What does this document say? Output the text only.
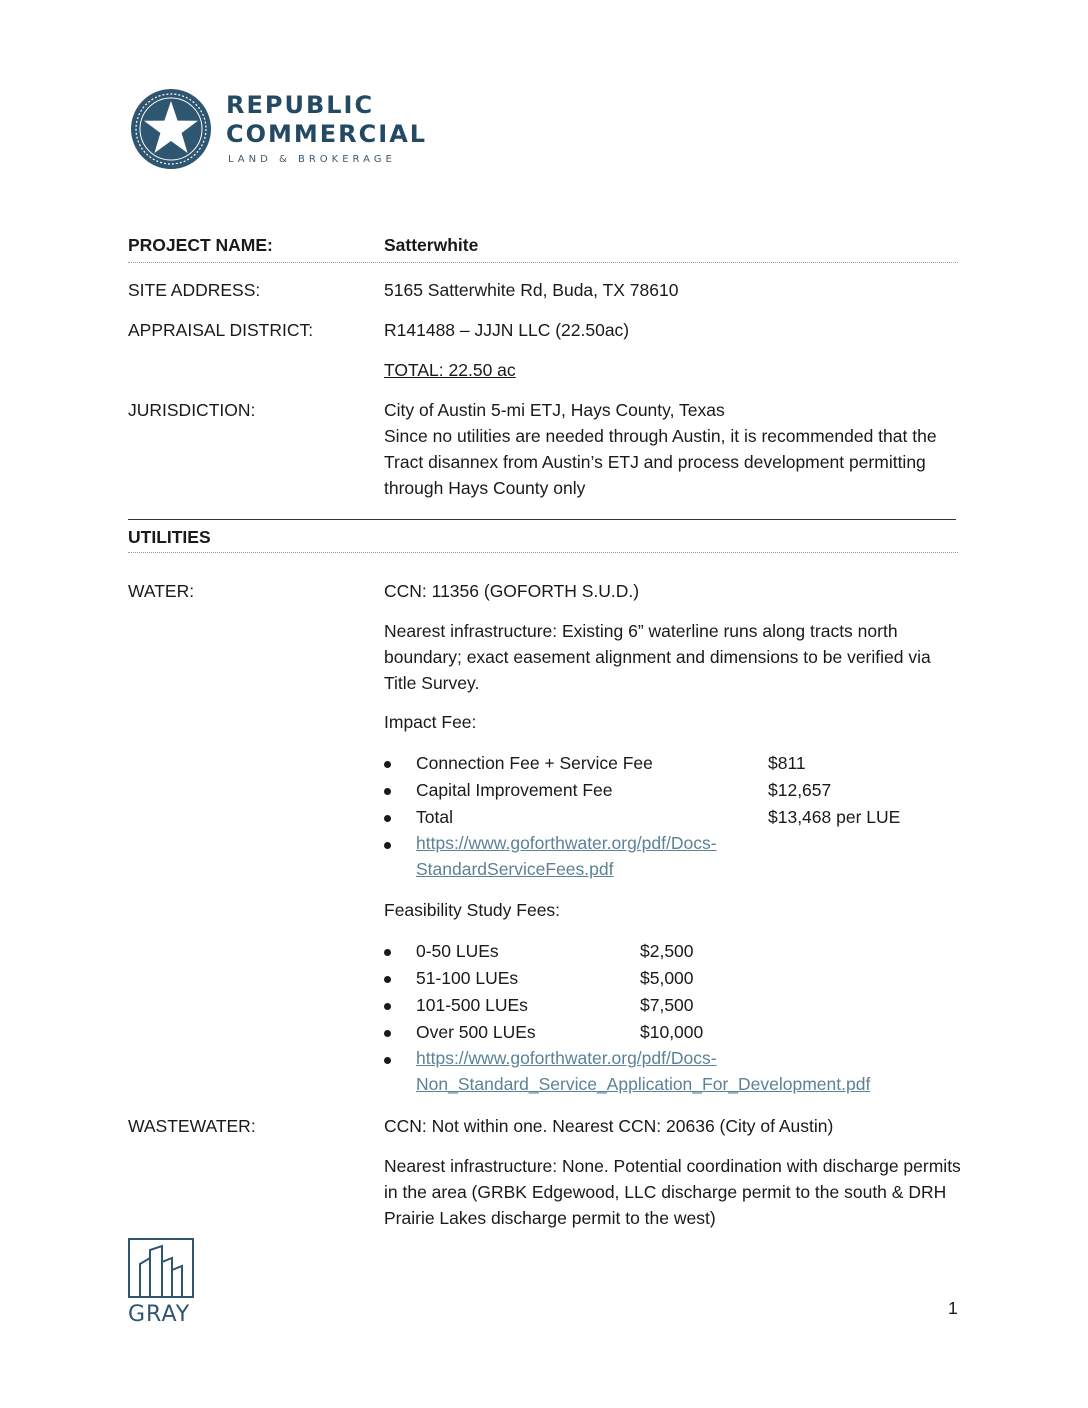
REPUBLIC
COMMERCIAL
LAND & BROKERAGE
PROJECT NAME:	Satterwhite
SITE ADDRESS:	5165 Satterwhite Rd, Buda, TX 78610
APPRAISAL DISTRICT:	R141488 – JJJN LLC (22.50ac)
TOTAL: 22.50 ac
JURISDICTION:	City of Austin 5-mi ETJ, Hays County, Texas
Since no utilities are needed through Austin, it is recommended that the Tract disannex from Austin’s ETJ and process development permitting through Hays County only
UTILITIES
WATER:	CCN: 11356 (GOFORTH S.U.D.)
Nearest infrastructure: Existing 6” waterline runs along tracts north boundary; exact easement alignment and dimensions to be verified via Title Survey.
Impact Fee:
Connection Fee + Service Fee	$811
Capital Improvement Fee	$12,657
Total	$13,468 per LUE
https://www.goforthwater.org/pdf/Docs-
StandardServiceFees.pdf
Feasibility Study Fees:
0-50 LUEs	$2,500
51-100 LUEs	$5,000
101-500 LUEs	$7,500
Over 500 LUEs	$10,000
https://www.goforthwater.org/pdf/Docs-
Non_Standard_Service_Application_For_Development.pdf
WASTEWATER:	CCN: Not within one. Nearest CCN: 20636 (City of Austin)
Nearest infrastructure: None. Potential coordination with discharge permits in the area (GRBK Edgewood, LLC discharge permit to the south & DRH Prairie Lakes discharge permit to the west)
GRAY	1
